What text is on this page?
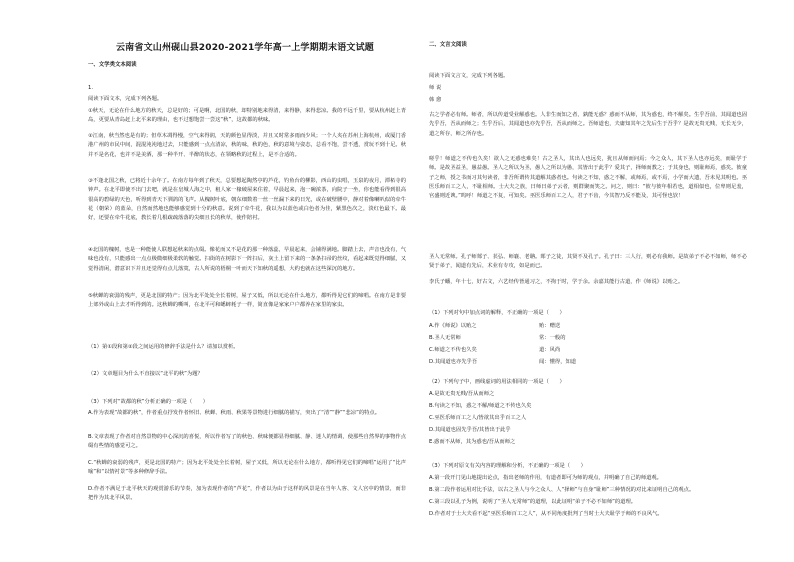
云南省文山州砚山县2020-2021学年高一上学期期末语文试题
一、文学类文本阅读
1.
阅读下面文本，完成下列各题。
①秋天，无论在什么地方的秋天，总是好的；可是啊，北国的秋，却特别地来得清，来得静，来得悲凉。我的不远千里，要从杭州赶上青岛，更要从青岛赶上北平来的理由，也不过想饱尝一尝这“秋”，这故都的秋味。
②江南，秋当然也是有的；但草木凋得慢，空气来得润，天的颜色显得淡，并且又时常多雨而少风；一个人夹在苏州上海杭州，或厦门香港广州的市民中间，混混沌沌地过去，只能感到一点点清凉，秋的味，秋的色，秋的意境与姿态，总看不饱，尝不透，赏玩不到十足。秋并不是名花，也并不是美酒，那一种半开、半醉的状态，在领略秋的过程上，是不合适的。
③不逢北国之秋，已将近十余年了。在南方每年到了秋天，总要想起陶然亭的芦花，钓鱼台的柳影，西山的虫唱，玉泉的夜月，潭柘寺的钟声。在北平即使不出门去吧，就是在皇城人海之中，租人家一椽破屋来住着，早晨起来，泡一碗浓茶，向院子一坐，你也能看得到很高很高的碧绿的天色，听得到青天下驯鸽的飞声。从槐树叶底，朝东细数着一丝一丝漏下来的日光，或在破壁腰中，静对着像喇叭似的牵牛花（朝荣）的蓝朵，自然而然地也能够感觉到十分的秋意。说到了牵牛花，我以为以蓝色或白色者为佳，紫黑色次之，淡红色最下。最好，还要在牵牛花底，教长着几根疏疏落落的尖细且长的秋草，使作陪衬。
④北国的槐树，也是一种能使人联想起秋来的点缀。像花而又不是花的那一种落蕊，早晨起来，会铺得满地。脚踏上去，声音也没有，气味也没有，只能感出一点点极微细极柔软的触觉。扫街的在树影下一阵扫后，灰土上留下来的一条条扫帚的丝纹，看起来既觉得细腻，又觉得清闲，潜意识下并且还觉得有点儿落寞，古人所说的梧桐一叶而天下知秋的遥想，大约也就在这些深沉的地方。
⑤秋蝉的衰弱的残声，更是北国的特产；因为北平处处全长着树，屋子又低，所以无论在什么地方，都听得见它们的啼唱。在南方是非要上郊外或山上去才听得到的。这秋蝉的嘶叫，在北平可和蟋蟀耗子一样，简直像是家家户户都养在家里的家虫。
（1）第①段和第②段之间运用的修辞手法是什么？请加以赏析。
（2）文章题目为什么不直接以“北平的秋”为题？
（3）下列对“故都的秋”分析正确的一项是（　　）
A.作为表现“故都的秋”，作者重点抒发作者怀旧、秋蝉、秋雨、秋果等景物进行细腻的描写，突出了“清”“静”“悲凉”的特点。
B.文章表现了作者对自然景物的中心深沉的喜悦，所以作者写了的秋色、秋味便都显得细腻、静、迷人的情调，使那些自然界的事物作点缀有些情的感觉可之。
C.“秋蝉的衰弱的残声，更是北国的特产；因为北平处处全长着树，屋子又低，所以无论在什么地方，都听得见它们的啼唱”运用了“比声喻”和“以情衬景”等多种修辞手法。
D.作者不满足于北平秋天的观赏游乐的节奏，加为表现作者的“芦花”，作者以为由于这样的风景是在当年人客、文人宫中的情景，而非把作为其北平风景。
二、文言文阅读
阅读下面文言文，完成下列各题。
师 说
韩 愈
古之学者必有师。师者，所以传道受业解惑也。人非生而知之者，孰能无惑？惑而不从师，其为惑也，终不解矣。生乎吾前，其闻道也固先乎吾，吾从而师之；生乎吾后，其闻道也亦先乎吾，吾从而师之。吾师道也，夫庸知其年之先后生于吾乎？是故无贵无贱，无长无少，道之所存，师之所存也。
嗟乎！师道之不传也久矣！欲人之无惑也难矣！古之圣人，其出人也远矣，犹且从师而问焉；今之众人，其下圣人也亦远矣，而耻学于师。是故圣益圣，愚益愚。圣人之所以为圣，愚人之所以为愚，其皆出于此乎？爱其子，择师而教之；于其身也，则耻师焉，惑矣。彼童子之师，授之书而习其句读者，非吾所谓传其道解其惑者也。句读之不知，惑之不解，或师焉，或不焉，小学而大遗，吾未见其明也。巫医乐师百工之人，不耻相师。士大夫之族，曰师曰弟子云者，则群聚而笑之。问之，则曰：“彼与彼年相若也，道相似也，位卑则足羞，官盛则近谀。”呜呼！师道之不复，可知矣。巫医乐师百工之人，君子不齿，今其智乃反不能及，其可怪也欤！
圣人无常师。孔子师郯子、苌弘、师襄、老聃。郯子之徒，其贤不及孔子。孔子曰：三人行，则必有我师。是故弟子不必不如师，师不必贤于弟子，闻道有先后，术业有专攻，如是而已。
李氏子蟠，年十七，好古文，六艺经传皆通习之，不拘于时，学于余。余嘉其能行古道，作《师说》以贻之。
（1）下列对句中加点词的解释，不正确的一项是（　　）
A.作《师说》以贻之	贻：赠送
B.圣人无常师	常：一般的
C.师道之不传也久矣	道：风尚
D.其闻道也亦先乎吾	闻：懂得，知道
（2）下列句子中，画线虚词的用法相同的一项是（　　）
A.是故无贵无贱/吾从而师之
B.句读之不知，惑之不解/师道之不传也久矣
C.巫医乐师百工之人/皆欲其出乎百工之人
D.其闻道也固先乎吾/其皆出于此乎
E.惑而不从师，其为惑也/吾从而师之
（3）下列对原文有关内容的理解和分析，不正确的一项是（　　）
A.第一段开门见山地提出论点，指出老师的作用，有道者即可为师的观点，并明确了自己的师道观。
B.第二段作者运用对比手法，以古之圣人与今之众人、人“择师”与自身“耻师”三种情况的对比来证明自己的观点。
C.第三段以孔子为例，说明了“圣人无常师”的道理，以此证明“弟子不必不如师”的道理。
D.作者对于士大夫看不起“巫医乐师百工之人”，从不同角度批判了当时士大夫耻学于师的不良风气。
